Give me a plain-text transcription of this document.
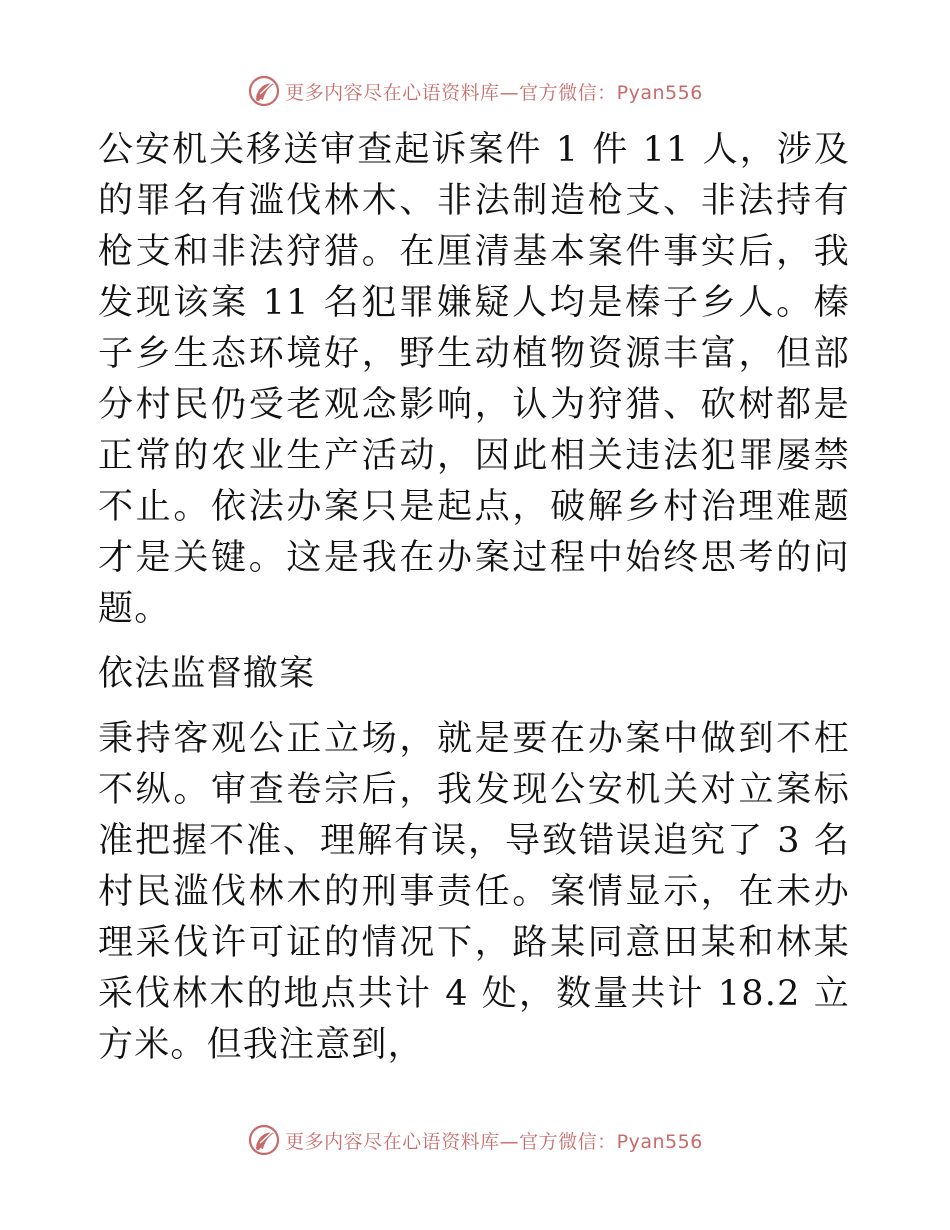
更多内容尽在心语资料库—官方微信：Pyan556

公安机关移送审查起诉案件 1 件 11 人，涉及的罪名有滥伐林木、非法制造枪支、非法持有枪支和非法狩猎。在厘清基本案件事实后，我发现该案 11 名犯罪嫌疑人均是榛子乡人。榛子乡生态环境好，野生动植物资源丰富，但部分村民仍受老观念影响，认为狩猎、砍树都是正常的农业生产活动，因此相关违法犯罪屡禁不止。依法办案只是起点，破解乡村治理难题才是关键。这是我在办案过程中始终思考的问题。

依法监督撤案

秉持客观公正立场，就是要在办案中做到不枉不纵。审查卷宗后，我发现公安机关对立案标准把握不准、理解有误，导致错误追究了 3 名村民滥伐林木的刑事责任。案情显示，在未办理采伐许可证的情况下，路某同意田某和林某采伐林木的地点共计 4 处，数量共计 18.2 立方米。但我注意到，

更多内容尽在心语资料库—官方微信：Pyan556
